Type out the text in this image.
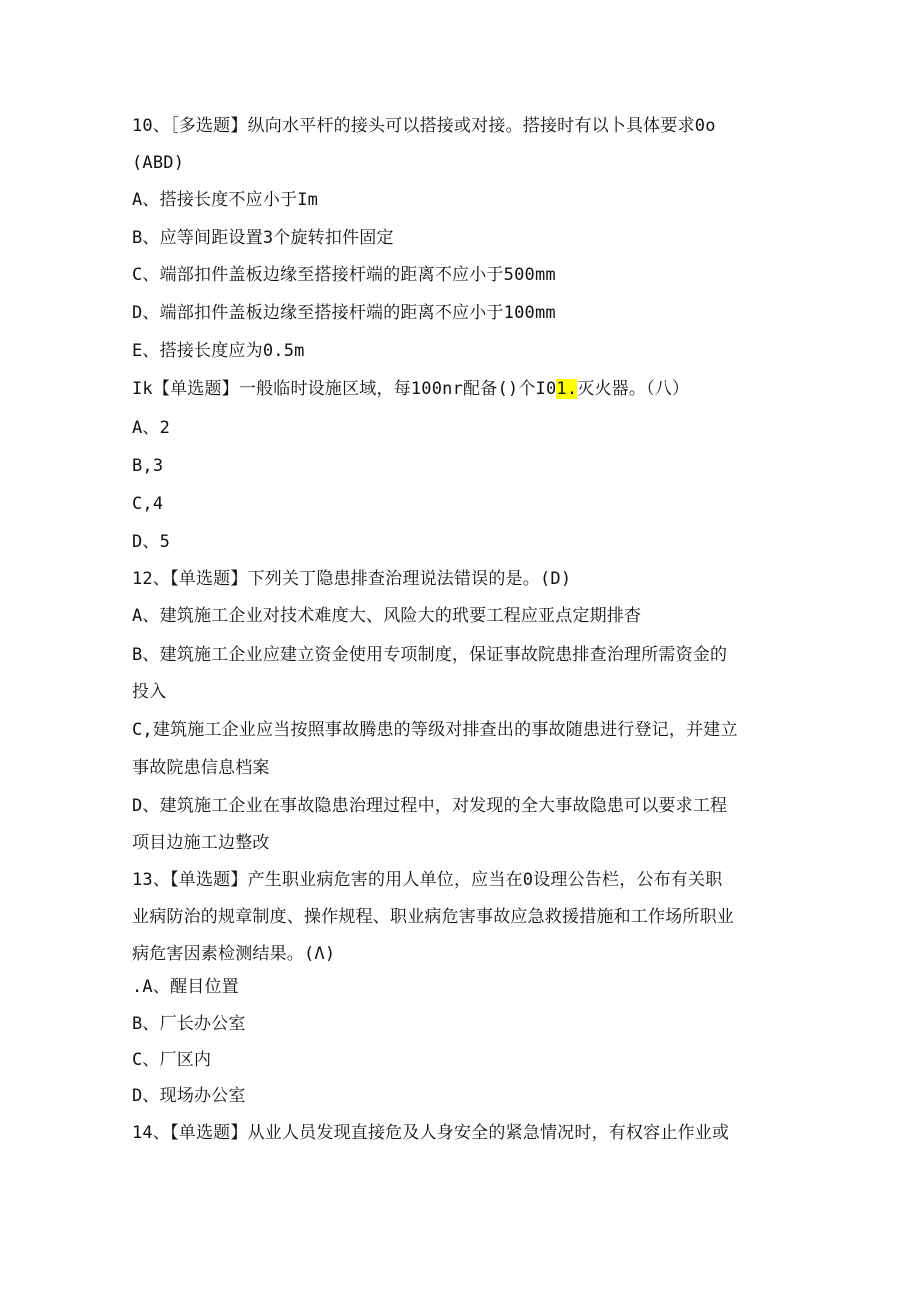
10、［多选题】纵向水平杆的接头可以搭接或对接。搭接时有以卜具体要求0o
(ABD)
A、搭接长度不应小于Im
B、应等间距设置3个旋转扣件固定
C、端部扣件盖板边缘至搭接杆端的距离不应小于500mm
D、端部扣件盖板边缘至搭接杆端的距离不应小于100mm
E、搭接长度应为0.5m
Ik【单选题】一般临时设施区域，每100nr配备()个I01.灭火器。（八）
A、2
B,3
C,4
D、5
12、【单选题】下列关丁隐患排查治理说法错误的是。(D)
A、建筑施工企业对技术难度大、风险大的玳要工程应亚点定期排杳
B、建筑施工企业应建立资金使用专项制度，保证事故院患排查治理所需资金的
投入
C,建筑施工企业应当按照事故腾患的等级对排查出的事故随患进行登记，并建立
事故院患信息档案
D、建筑施工企业在事故隐患治理过程中，对发现的全大事故隐患可以要求工程
项目边施工边整改
13、【单选题】产生职业病危害的用人单位，应当在0设理公告栏，公布有关职
业病防治的规章制度、操作规程、职业病危害事故应急救援措施和工作场所职业
病危害因素检测结果。(Λ)
.A、醒目位置
B、厂长办公室
C、厂区内
D、现场办公室
14、【单选题】从业人员发现直接危及人身安全的紧急情况时，有权容止作业或
